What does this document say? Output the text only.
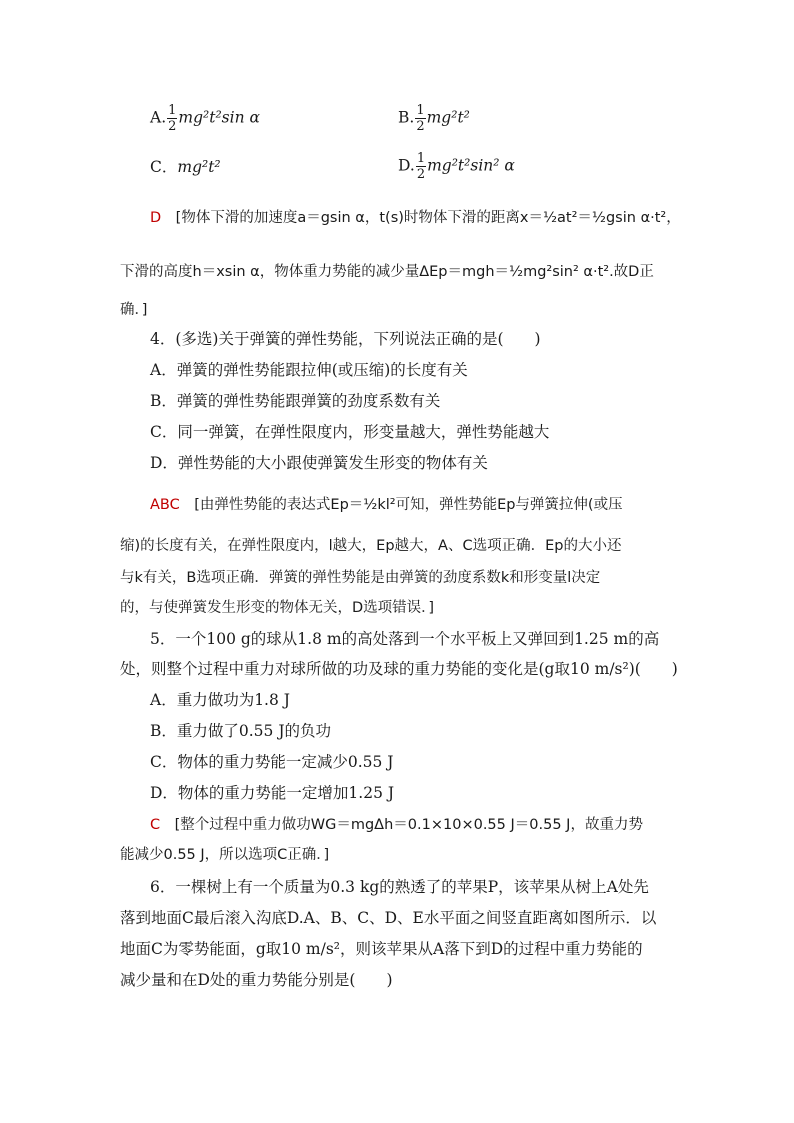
A. $\frac{1}{2} mg^2t^2\sin$ α	B. $\frac{1}{2} mg^2t^2$
C．mg²t²	D. $\frac{1}{2} mg^2t^2\sin^2$ α
D　 [物体下滑的加速度a＝gsin α，t(s)时物体下滑的距离x＝½at²＝½gsin α·t²，
下滑的高度h＝xsin α，物体重力势能的减少量ΔEp＝mgh＝½mg²sin² α·t².故D正
确．]
4．(多选)关于弹簧的弹性势能，下列说法正确的是(　　)
A．弹簧的弹性势能跟拉伸(或压缩)的长度有关
B．弹簧的弹性势能跟弹簧的劲度系数有关
C．同一弹簧，在弹性限度内，形变量越大，弹性势能越大
D．弹性势能的大小跟使弹簧发生形变的物体有关
ABC　 [由弹性势能的表达式Ep＝½kl²可知，弹性势能Ep与弹簧拉伸(或压
缩)的长度有关，在弹性限度内，l越大，Ep越大，A、C选项正确．Ep的大小还
与k有关，B选项正确．弹簧的弹性势能是由弹簧的劲度系数k和形变量l决定
的，与使弹簧发生形变的物体无关，D选项错误．]
5．一个100 g的球从1.8 m的高处落到一个水平板上又弹回到1.25 m的高
处，则整个过程中重力对球所做的功及球的重力势能的变化是(g取10 m/s²)(　　)
A．重力做功为1.8 J
B．重力做了0.55 J的负功
C．物体的重力势能一定减少0.55 J
D．物体的重力势能一定增加1.25 J
C　 [整个过程中重力做功WG＝mgΔh＝0.1×10×0.55 J＝0.55 J，故重力势
能减少0.55 J，所以选项C正确．]
6．一棵树上有一个质量为0.3 kg的熟透了的苹果P，该苹果从树上A处先
落到地面C最后滚入沟底D.A、B、C、D、E水平面之间竖直距离如图所示．以
地面C为零势能面，g取10 m/s²，则该苹果从A落下到D的过程中重力势能的
减少量和在D处的重力势能分别是(　　)
